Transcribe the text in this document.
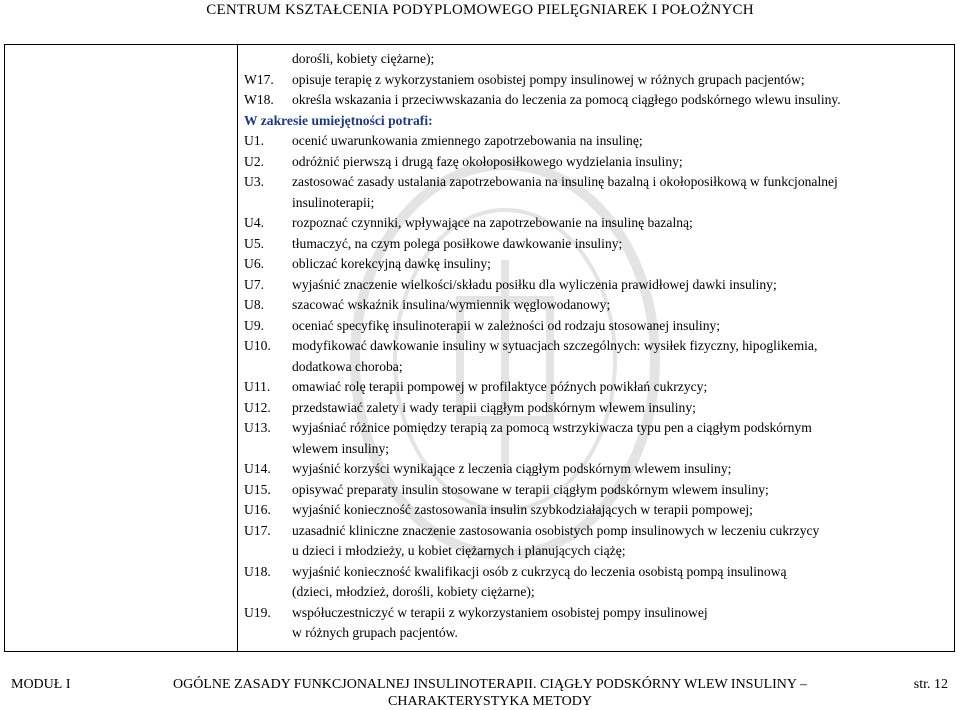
CENTRUM KSZTAŁCENIA PODYPLOMOWEGO PIELĘGNIAREK I POŁOŻNYCH
dorośli, kobiety ciężarne);
W17.	opisuje terapię z wykorzystaniem osobistej pompy insulinowej w różnych grupach pacjentów;
W18.	określa wskazania i przeciwwskazania do leczenia za pomocą ciągłego podskórnego wlewu insuliny.
W zakresie umiejętności potrafi:
U1.	ocenić uwarunkowania zmiennego zapotrzebowania na insulinę;
U2.	odróżnić pierwszą i drugą fazę okołoposiłkowego wydzielania insuliny;
U3.	zastosować zasady ustalania zapotrzebowania na insulinę bazalną i okołoposiłkową w funkcjonalnej
insulinoterapii;
U4.	rozpoznać czynniki, wpływające na zapotrzebowanie na insulinę bazalną;
U5.	tłumaczyć, na czym polega posiłkowe dawkowanie insuliny;
U6.	obliczać korekcyjną dawkę insuliny;
U7.	wyjaśnić znaczenie wielkości/składu posiłku dla wyliczenia prawidłowej dawki insuliny;
U8.	szacować wskaźnik insulina/wymiennik węglowodanowy;
U9.	oceniać specyfikę insulinoterapii w zależności od rodzaju stosowanej insuliny;
U10.	modyfikować dawkowanie insuliny w sytuacjach szczególnych: wysiłek fizyczny, hipoglikemia,
dodatkowa choroba;
U11.	omawiać rolę terapii pompowej w profilaktyce późnych powikłań cukrzycy;
U12.	przedstawiać zalety i wady terapii ciągłym podskórnym wlewem insuliny;
U13.	wyjaśniać różnice pomiędzy terapią za pomocą wstrzykiwacza typu pen a ciągłym podskórnym
wlewem insuliny;
U14.	wyjaśnić korzyści wynikające z leczenia ciągłym podskórnym wlewem insuliny;
U15.	opisywać preparaty insulin stosowane w terapii ciągłym podskórnym wlewem insuliny;
U16.	wyjaśnić konieczność zastosowania insulin szybkodziałających w terapii pompowej;
U17.	uzasadnić kliniczne znaczenie zastosowania osobistych pomp insulinowych w leczeniu cukrzycy
u dzieci i młodzieży, u kobiet ciężarnych i planujących ciążę;
U18.	wyjaśnić konieczność kwalifikacji osób z cukrzycą do leczenia osobistą pompą insulinową
(dzieci, młodzież, dorośli, kobiety ciężarne);
U19.	współuczestniczyć w terapii z wykorzystaniem osobistej pompy insulinowej
w różnych grupach pacjentów.
MODUŁ I	OGÓLNE ZASADY FUNKCJONALNEJ INSULINOTERAPII. CIĄGŁY PODSKÓRNY WLEW INSULINY –
CHARAKTERYSTYKA METODY
str. 12
